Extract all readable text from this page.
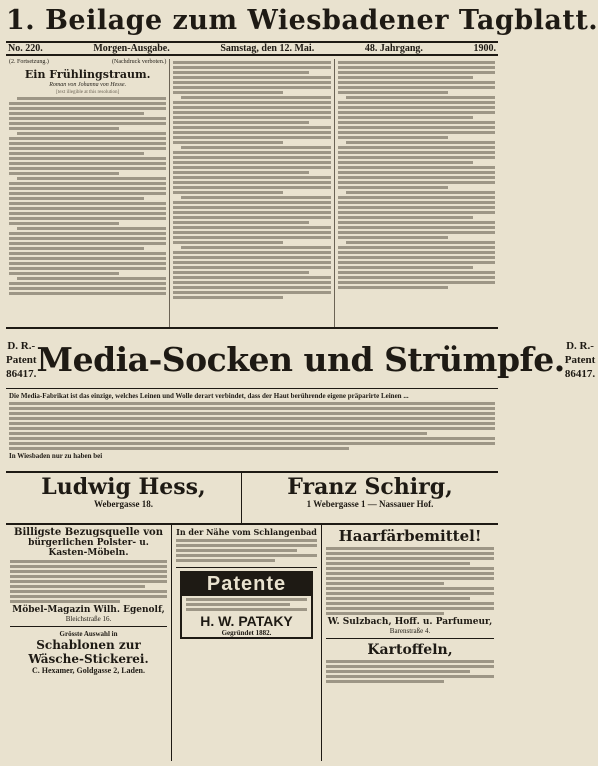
1. Beilage zum Wiesbadener Tagblatt.
No. 220.	Morgen-Ausgabe.	Samstag, den 12. Mai.	48. Jahrgang.	1900.
(2. Fortsetzung.)	(Nachdruck verboten.)
Ein Frühlingstraum.
Roman von Johanna von Hesse.
[text illegible at this resolution]
D. R.-Patent
86417. Media-Socken und Strümpfe. D. R.-Patent
86417.
Die Media-Fabrikat ist das einzige, welches Leinen und Wolle derart verbindet, dass der Haut berührende eigene präparirte Leinen ...
In Wiesbaden nur zu haben bei
Ludwig Hess,
Webergasse 18.
Franz Schirg,
1 Webergasse 1 — Nassauer Hof.
Billigste Bezugsquelle von
bürgerlichen Polster- u. Kasten-Möbeln.
Möbel-Magazin Wilh. Egenolf,
Bleichstraße 16.
Grösste Auswahl in
Schablonen zur Wäsche-Stickerei.
C. Hexamer, Goldgasse 2, Laden.
In der Nähe vom Schlangenbad
Patente
H. W. PATAKY
Gegründet 1882.
Haarfärbemittel!
W. Sulzbach, Hoff. u. Parfumeur,
Barenstraße 4.
Kartoffeln,
